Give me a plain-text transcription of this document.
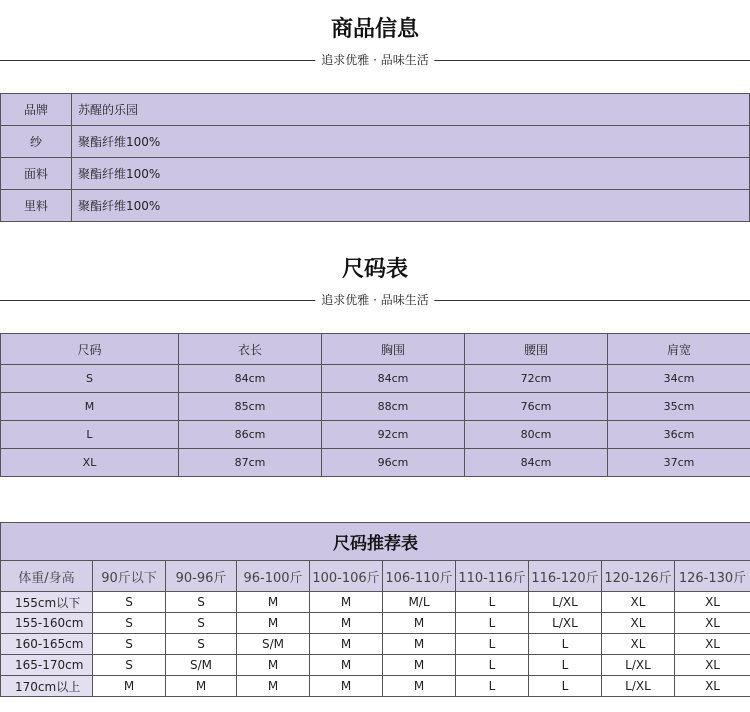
商品信息
追求优雅 · 品味生活
品牌	苏醒的乐园
纱	聚酯纤维100%
面料	聚酯纤维100%
里料	聚酯纤维100%
尺码表
追求优雅 · 品味生活
尺码	衣长	胸围	腰围	肩宽
S	84cm	84cm	72cm	34cm
M	85cm	88cm	76cm	35cm
L	86cm	92cm	80cm	36cm
XL	87cm	96cm	84cm	37cm
尺码推荐表									
体重/身高	90斤以下	90-96斤	96-100斤	100-106斤	106-110斤	110-116斤	116-120斤	120-126斤	126-130斤
155cm以下	S	S	M	M	M/L	L	L/XL	XL	XL
155-160cm	S	S	M	M	M	L	L/XL	XL	XL
160-165cm	S	S	S/M	M	M	L	L	XL	XL
165-170cm	S	S/M	M	M	M	L	L	L/XL	XL
170cm以上	M	M	M	M	M	L	L	L/XL	XL
